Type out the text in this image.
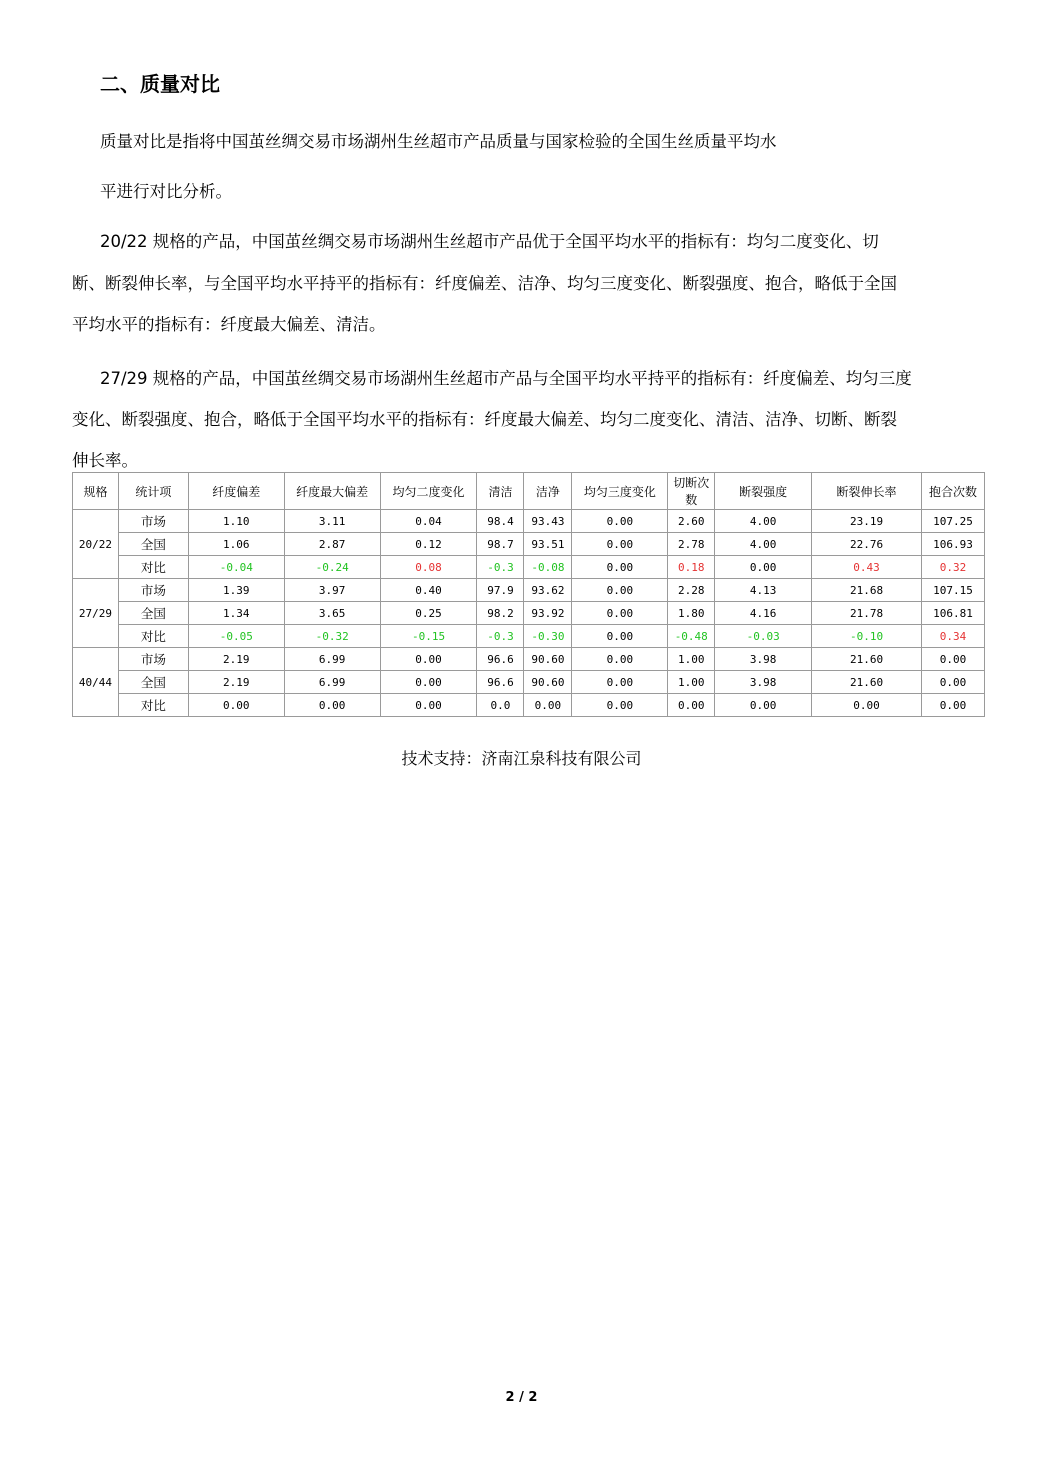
二、质量对比
质量对比是指将中国茧丝绸交易市场湖州生丝超市产品质量与国家检验的全国生丝质量平均水
平进行对比分析。
20/22 规格的产品，中国茧丝绸交易市场湖州生丝超市产品优于全国平均水平的指标有：均匀二度变化、切
断、断裂伸长率，与全国平均水平持平的指标有：纤度偏差、洁净、均匀三度变化、断裂强度、抱合，略低于全国
平均水平的指标有：纤度最大偏差、清洁。
27/29 规格的产品，中国茧丝绸交易市场湖州生丝超市产品与全国平均水平持平的指标有：纤度偏差、均匀三度
变化、断裂强度、抱合，略低于全国平均水平的指标有：纤度最大偏差、均匀二度变化、清洁、洁净、切断、断裂
伸长率。
规格	统计项	纤度偏差	纤度最大偏差	均匀二度变化	清洁	洁净	均匀三度变化	切断次数	断裂强度	断裂伸长率	抱合次数
20/22	市场	1.10	3.11	0.04	98.4	93.43	0.00	2.60	4.00	23.19	107.25
	全国	1.06	2.87	0.12	98.7	93.51	0.00	2.78	4.00	22.76	106.93
	对比	-0.04	-0.24	0.08	-0.3	-0.08	0.00	0.18	0.00	0.43	0.32
27/29	市场	1.39	3.97	0.40	97.9	93.62	0.00	2.28	4.13	21.68	107.15
	全国	1.34	3.65	0.25	98.2	93.92	0.00	1.80	4.16	21.78	106.81
	对比	-0.05	-0.32	-0.15	-0.3	-0.30	0.00	-0.48	-0.03	-0.10	0.34
40/44	市场	2.19	6.99	0.00	96.6	90.60	0.00	1.00	3.98	21.60	0.00
	全国	2.19	6.99	0.00	96.6	90.60	0.00	1.00	3.98	21.60	0.00
	对比	0.00	0.00	0.00	0.0	0.00	0.00	0.00	0.00	0.00	0.00
技术支持：济南江泉科技有限公司
2 / 2
